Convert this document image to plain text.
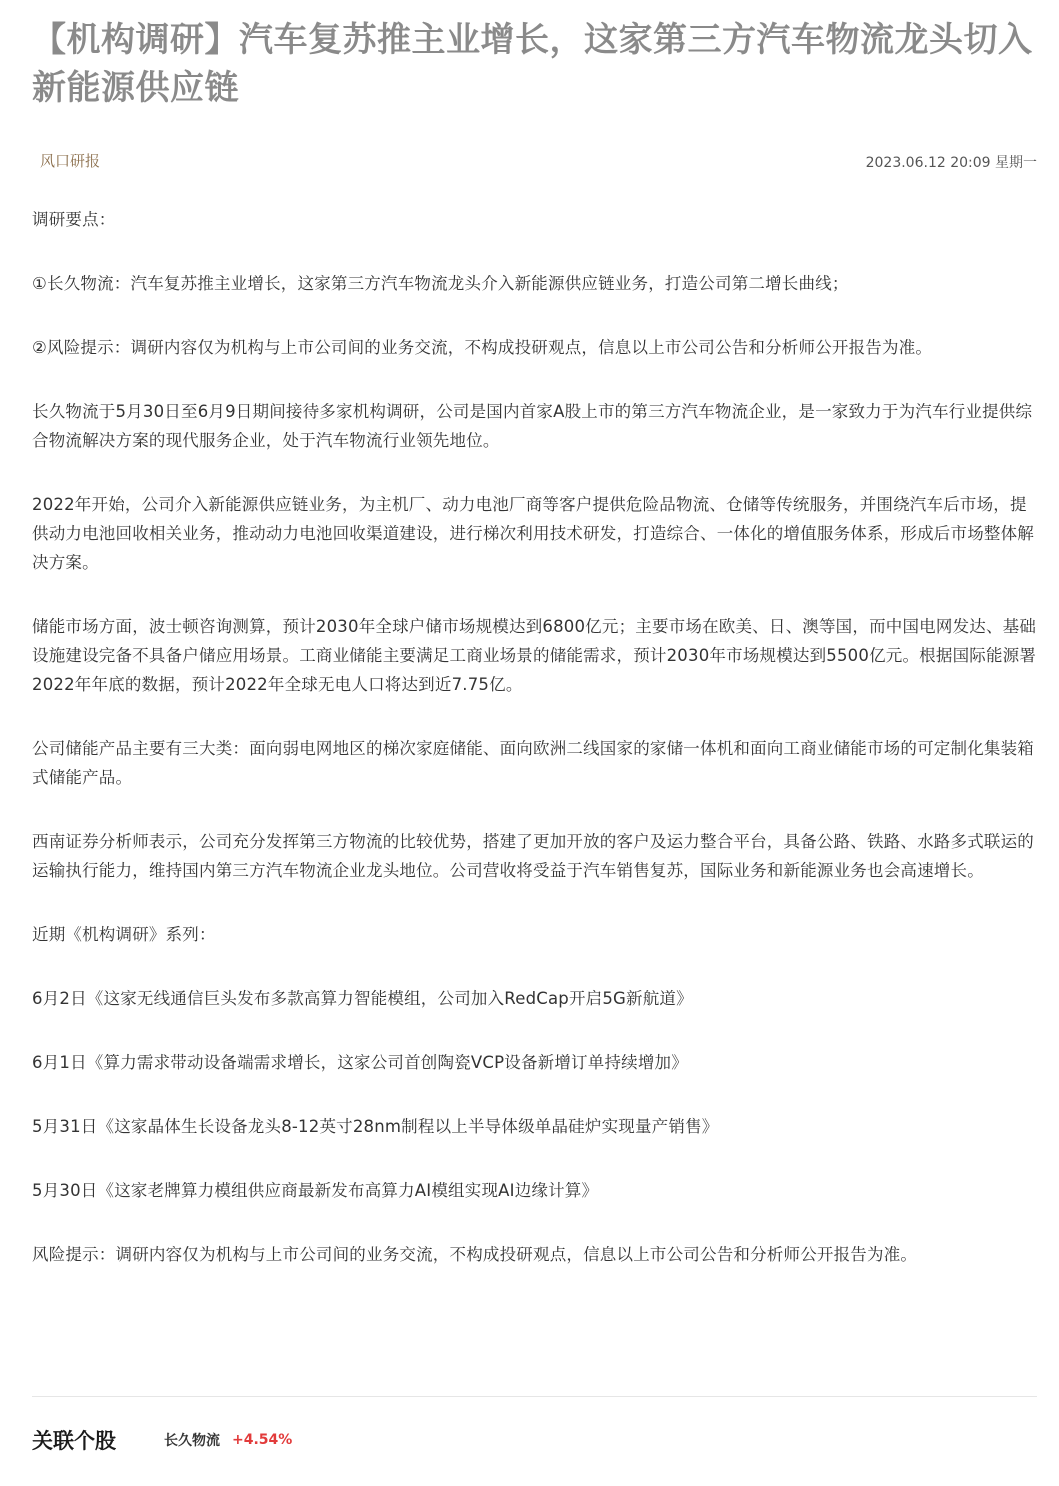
【机构调研】汽车复苏推主业增长，这家第三方汽车物流龙头切入新能源供应链
风口研报	2023.06.12 20:09 星期一

调研要点：

①长久物流：汽车复苏推主业增长，这家第三方汽车物流龙头介入新能源供应链业务，打造公司第二增长曲线；

②风险提示：调研内容仅为机构与上市公司间的业务交流，不构成投研观点，信息以上市公司公告和分析师公开报告为准。

长久物流于5月30日至6月9日期间接待多家机构调研，公司是国内首家A股上市的第三方汽车物流企业，是一家致力于为汽车行业提供综合物流解决方案的现代服务企业，处于汽车物流行业领先地位。

2022年开始，公司介入新能源供应链业务，为主机厂、动力电池厂商等客户提供危险品物流、仓储等传统服务，并围绕汽车后市场，提供动力电池回收相关业务，推动动力电池回收渠道建设，进行梯次利用技术研发，打造综合、一体化的增值服务体系，形成后市场整体解决方案。

储能市场方面，波士顿咨询测算，预计2030年全球户储市场规模达到6800亿元；主要市场在欧美、日、澳等国，而中国电网发达、基础设施建设完备不具备户储应用场景。工商业储能主要满足工商业场景的储能需求，预计2030年市场规模达到5500亿元。根据国际能源署2022年年底的数据，预计2022年全球无电人口将达到近7.75亿。

公司储能产品主要有三大类：面向弱电网地区的梯次家庭储能、面向欧洲二线国家的家储一体机和面向工商业储能市场的可定制化集装箱式储能产品。

西南证券分析师表示，公司充分发挥第三方物流的比较优势，搭建了更加开放的客户及运力整合平台，具备公路、铁路、水路多式联运的运输执行能力，维持国内第三方汽车物流企业龙头地位。公司营收将受益于汽车销售复苏，国际业务和新能源业务也会高速增长。

近期《机构调研》系列：

6月2日《这家无线通信巨头发布多款高算力智能模组，公司加入RedCap开启5G新航道》

6月1日《算力需求带动设备端需求增长，这家公司首创陶瓷VCP设备新增订单持续增加》

5月31日《这家晶体生长设备龙头8-12英寸28nm制程以上半导体级单晶硅炉实现量产销售》

5月30日《这家老牌算力模组供应商最新发布高算力AI模组实现AI边缘计算》

风险提示：调研内容仅为机构与上市公司间的业务交流，不构成投研观点，信息以上市公司公告和分析师公开报告为准。

关联个股	长久物流 +4.54%
